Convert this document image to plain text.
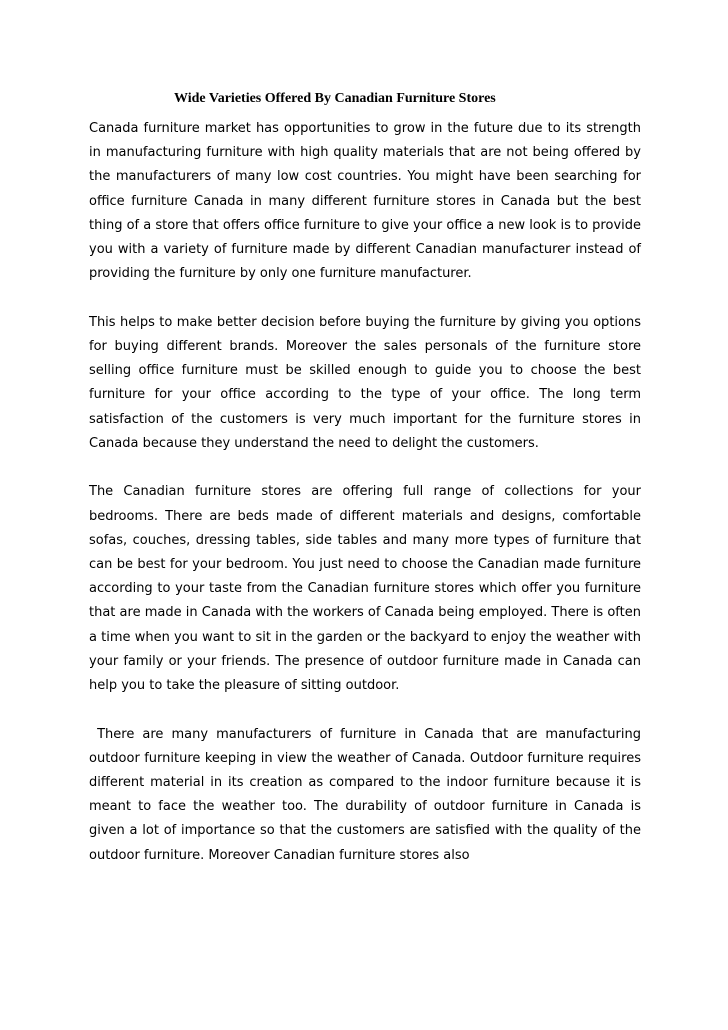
Wide Varieties Offered By Canadian Furniture Stores

Canada furniture market has opportunities to grow in the future due to its strength in manufacturing furniture with high quality materials that are not being offered by the manufacturers of many low cost countries. You might have been searching for office furniture Canada in many different furniture stores in Canada but the best thing of a store that offers office furniture to give your office a new look is to provide you with a variety of furniture made by different Canadian manufacturer instead of providing the furniture by only one furniture manufacturer.

This helps to make better decision before buying the furniture by giving you options for buying different brands. Moreover the sales personals of the furniture store selling office furniture must be skilled enough to guide you to choose the best furniture for your office according to the type of your office. The long term satisfaction of the customers is very much important for the furniture stores in Canada because they understand the need to delight the customers.

The Canadian furniture stores are offering full range of collections for your bedrooms. There are beds made of different materials and designs, comfortable sofas, couches, dressing tables, side tables and many more types of furniture that can be best for your bedroom. You just need to choose the Canadian made furniture according to your taste from the Canadian furniture stores which offer you furniture that are made in Canada with the workers of Canada being employed. There is often a time when you want to sit in the garden or the backyard to enjoy the weather with your family or your friends. The presence of outdoor furniture made in Canada can help you to take the pleasure of sitting outdoor.

There are many manufacturers of furniture in Canada that are manufacturing outdoor furniture keeping in view the weather of Canada. Outdoor furniture requires different material in its creation as compared to the indoor furniture because it is meant to face the weather too. The durability of outdoor furniture in Canada is given a lot of importance so that the customers are satisfied with the quality of the outdoor furniture. Moreover Canadian furniture stores also
